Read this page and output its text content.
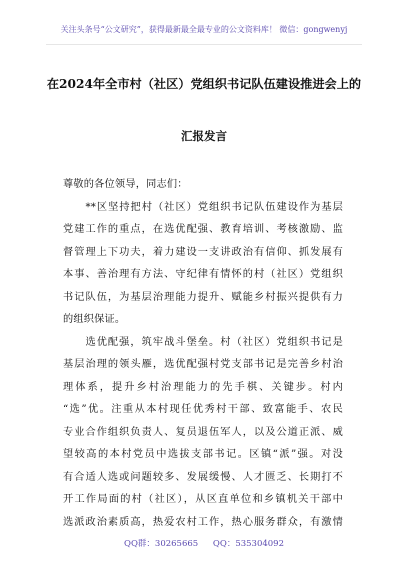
关注头条号“公文研究”，获得最新最全最专业的公文资料库！ 微信：gongwenyj
在2024年全市村（社区）党组织书记队伍建设推进会上的
汇报发言
尊敬的各位领导，同志们：
　　**区坚持把村（社区）党组织书记队伍建设作为基层
党建工作的重点，在选优配强、教育培训、考核激励、监
督管理上下功夫，着力建设一支讲政治有信仰、抓发展有
本事、善治理有方法、守纪律有情怀的村（社区）党组织
书记队伍，为基层治理能力提升、赋能乡村振兴提供有力
的组织保证。
　　选优配强，筑牢战斗堡垒。村（社区）党组织书记是
基层治理的领头雁，选优配强村党支部书记是完善乡村治
理体系，提升乡村治理能力的先手棋、关键步。村内
“选”优。注重从本村现任优秀村干部、致富能手、农民
专业合作组织负责人、复员退伍军人，以及公道正派、威
望较高的本村党员中选拔支部书记。区镇“派”强。对没
有合适人选或问题较多、发展缓慢、人才匮乏、长期打不
开工作局面的村（社区），从区直单位和乡镇机关干部中
选派政治素质高，热爱农村工作，热心服务群众，有激情
QQ群：30265665 QQ：535304092
